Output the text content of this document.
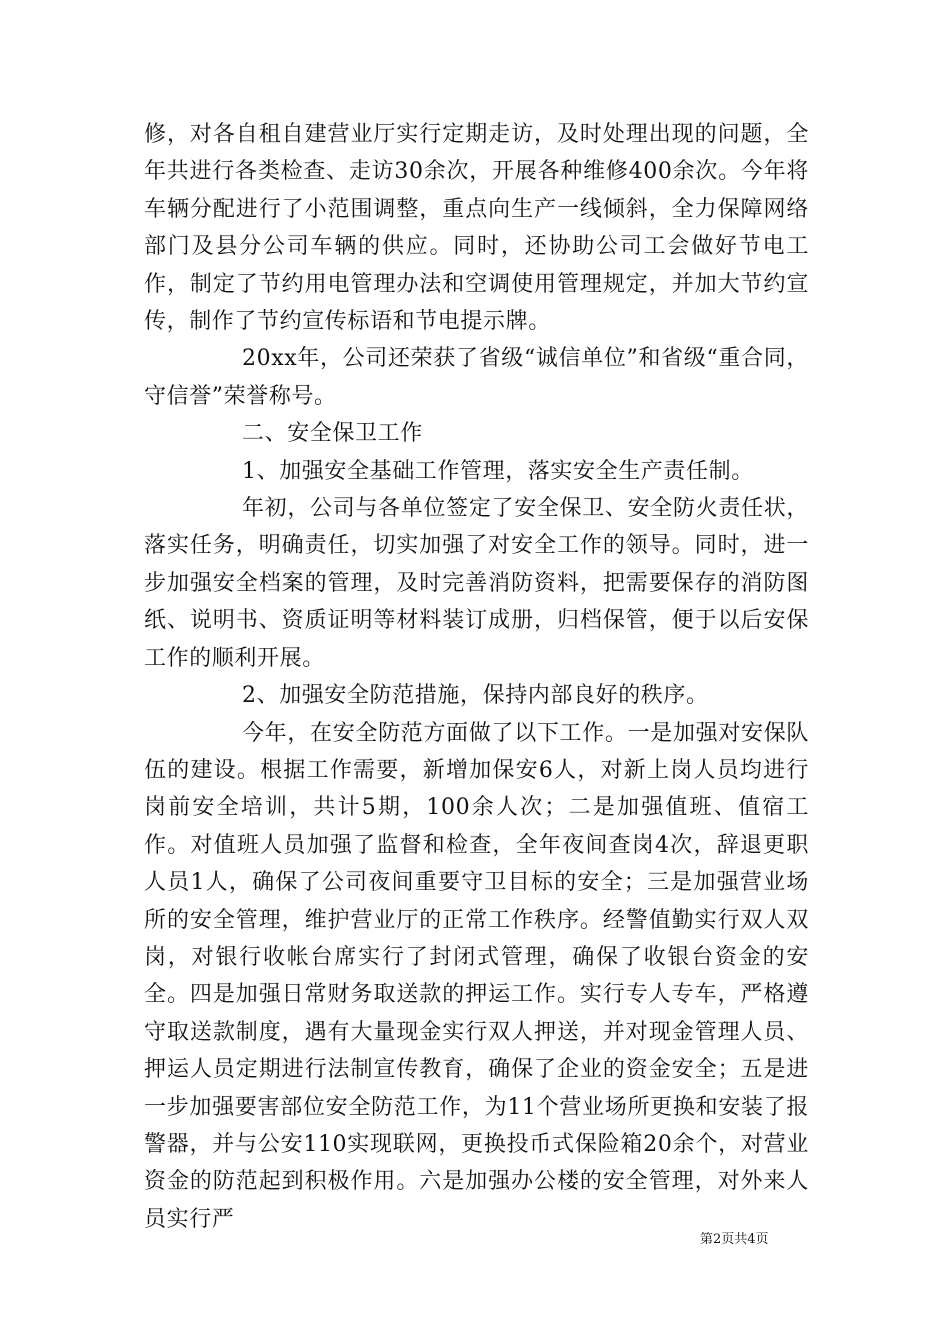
修，对各自租自建营业厅实行定期走访，及时处理出现的问题，全年共进行各类检查、走访30余次，开展各种维修400余次。今年将车辆分配进行了小范围调整，重点向生产一线倾斜，全力保障网络部门及县分公司车辆的供应。同时，还协助公司工会做好节电工作，制定了节约用电管理办法和空调使用管理规定，并加大节约宣传，制作了节约宣传标语和节电提示牌。

20xx年，公司还荣获了省级“诚信单位”和省级“重合同，守信誉”荣誉称号。

二、安全保卫工作

1、加强安全基础工作管理，落实安全生产责任制。

年初，公司与各单位签定了安全保卫、安全防火责任状，落实任务，明确责任，切实加强了对安全工作的领导。同时，进一步加强安全档案的管理，及时完善消防资料，把需要保存的消防图纸、说明书、资质证明等材料装订成册，归档保管，便于以后安保工作的顺利开展。

2、加强安全防范措施，保持内部良好的秩序。

今年，在安全防范方面做了以下工作。一是加强对安保队伍的建设。根据工作需要，新增加保安6人，对新上岗人员均进行岗前安全培训，共计5期，100余人次；二是加强值班、值宿工作。对值班人员加强了监督和检查，全年夜间查岗4次，辞退更职人员1人，确保了公司夜间重要守卫目标的安全；三是加强营业场所的安全管理，维护营业厅的正常工作秩序。经警值勤实行双人双岗，对银行收帐台席实行了封闭式管理，确保了收银台资金的安全。四是加强日常财务取送款的押运工作。实行专人专车，严格遵守取送款制度，遇有大量现金实行双人押送，并对现金管理人员、押运人员定期进行法制宣传教育，确保了企业的资金安全；五是进一步加强要害部位安全防范工作，为11个营业场所更换和安装了报警器，并与公安110实现联网，更换投币式保险箱20余个，对营业资金的防范起到积极作用。六是加强办公楼的安全管理，对外来人员实行严

第2页共4页
